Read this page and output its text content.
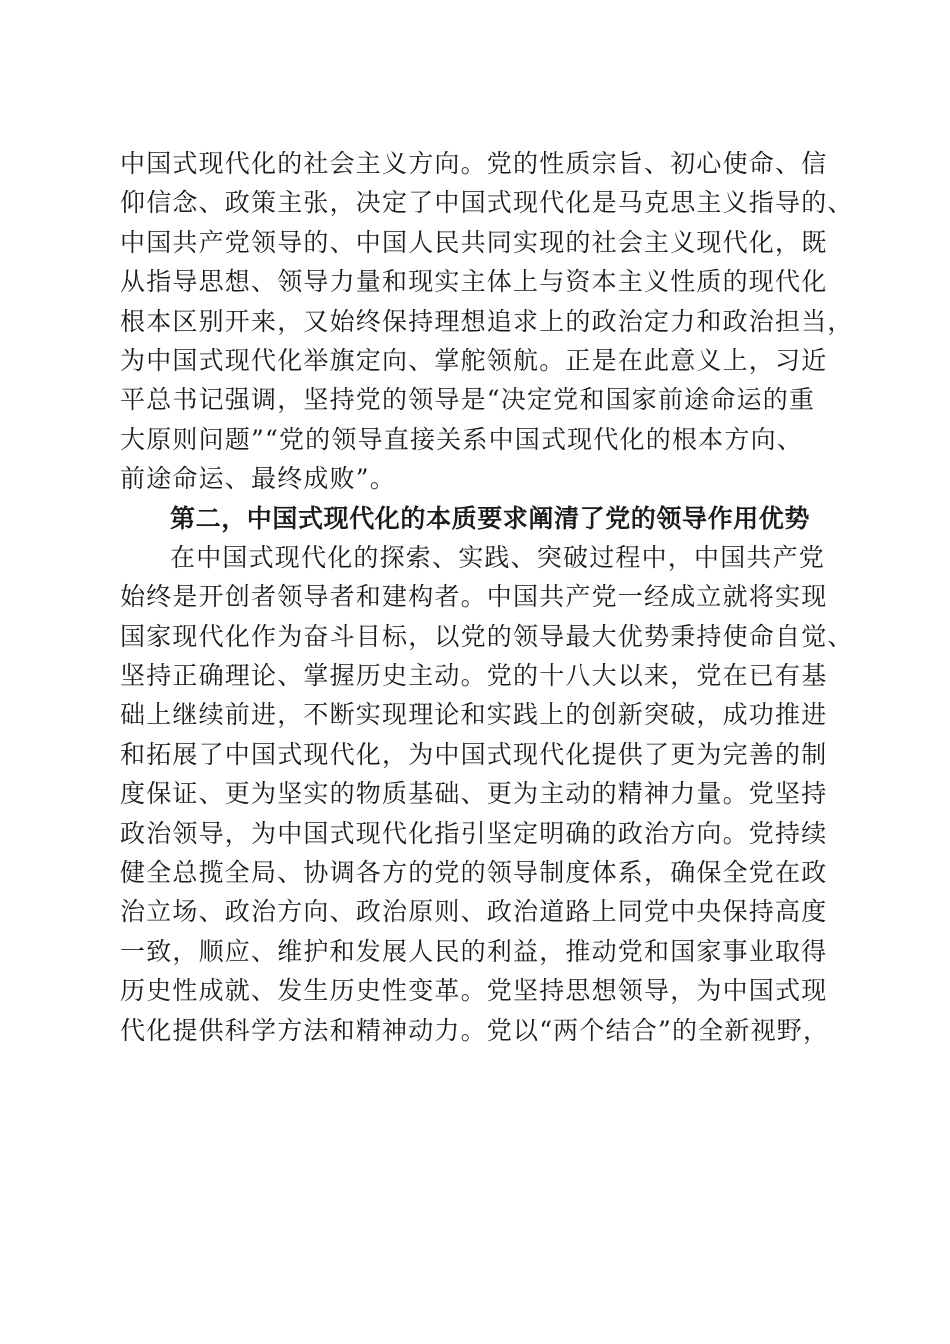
中国式现代化的社会主义方向。党的性质宗旨、初心使命、信
仰信念、政策主张，决定了中国式现代化是马克思主义指导的、
中国共产党领导的、中国人民共同实现的社会主义现代化，既
从指导思想、领导力量和现实主体上与资本主义性质的现代化
根本区别开来，又始终保持理想追求上的政治定力和政治担当，
为中国式现代化举旗定向、掌舵领航。正是在此意义上，习近
平总书记强调，坚持党的领导是“决定党和国家前途命运的重
大原则问题”“党的领导直接关系中国式现代化的根本方向、
前途命运、最终成败”。
第二，中国式现代化的本质要求阐清了党的领导作用优势
在中国式现代化的探索、实践、突破过程中，中国共产党
始终是开创者领导者和建构者。中国共产党一经成立就将实现
国家现代化作为奋斗目标，以党的领导最大优势秉持使命自觉、
坚持正确理论、掌握历史主动。党的十八大以来，党在已有基
础上继续前进，不断实现理论和实践上的创新突破，成功推进
和拓展了中国式现代化，为中国式现代化提供了更为完善的制
度保证、更为坚实的物质基础、更为主动的精神力量。党坚持
政治领导，为中国式现代化指引坚定明确的政治方向。党持续
健全总揽全局、协调各方的党的领导制度体系，确保全党在政
治立场、政治方向、政治原则、政治道路上同党中央保持高度
一致，顺应、维护和发展人民的利益，推动党和国家事业取得
历史性成就、发生历史性变革。党坚持思想领导，为中国式现
代化提供科学方法和精神动力。党以“两个结合”的全新视野，
